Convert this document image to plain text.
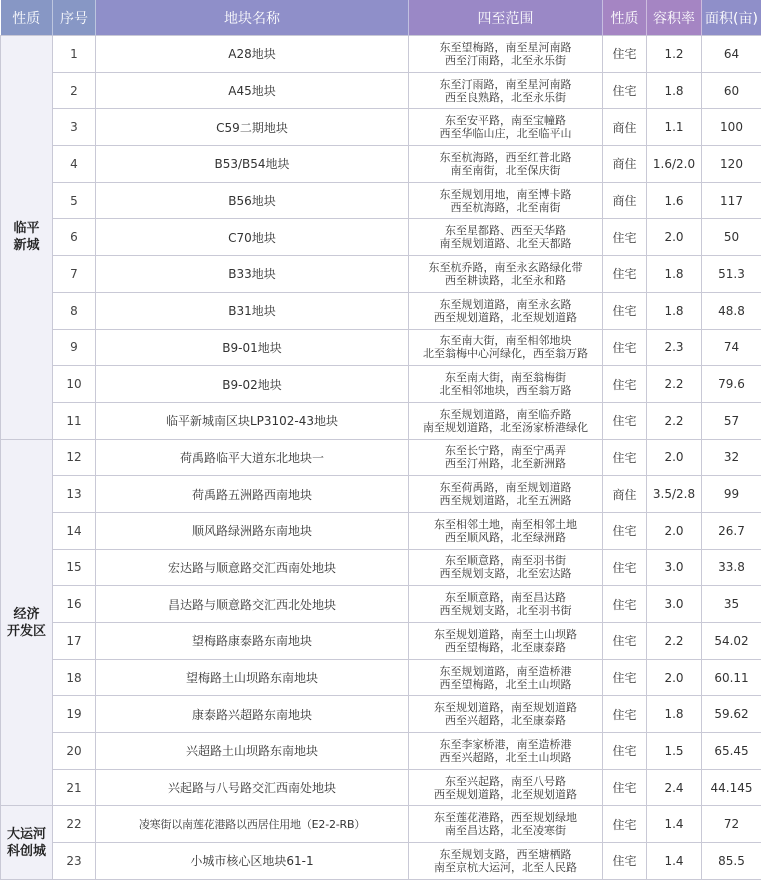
性质	序号	地块名称	四至范围	性质	容积率	面积(亩)
临平
新城	1	A28地块	东至望梅路，南至星河南路
西至汀雨路，北至永乐街	住宅	1.2	64
	2	A45地块	东至汀雨路，南至星河南路
西至良熟路，北至永乐街	住宅	1.8	60
	3	C59二期地块	东至安平路，南至宝幢路
西至华临山庄，北至临平山	商住	1.1	100
	4	B53/B54地块	东至杭海路，西至红普北路
南至南街，北至保庆街	商住	1.6/2.0	120
	5	B56地块	东至规划用地，南至博卡路
西至杭海路，北至南街	商住	1.6	117
	6	C70地块	东至星都路、西至天华路
南至规划道路、北至天都路	住宅	2.0	50
	7	B33地块	东至杭乔路，南至永玄路绿化带
西至耕读路，北至永和路	住宅	1.8	51.3
	8	B31地块	东至规划道路，南至永玄路
西至规划道路，北至规划道路	住宅	1.8	48.8
	9	B9-01地块	东至南大街，南至相邻地块
北至翁梅中心河绿化，西至翁万路	住宅	2.3	74
	10	B9-02地块	东至南大街，南至翁梅街
北至相邻地块，西至翁万路	住宅	2.2	79.6
	11	临平新城南区块LP3102-43地块	东至规划道路，南至临乔路
南至规划道路，北至汤家桥港绿化	住宅	2.2	57
经济
开发区	12	荷禹路临平大道东北地块一	东至长宁路，南至宁禹弄
西至汀州路，北至新洲路	住宅	2.0	32
	13	荷禹路五洲路西南地块	东至荷禹路，南至规划道路
西至规划道路，北至五洲路	商住	3.5/2.8	99
	14	顺风路绿洲路东南地块	东至相邻土地，南至相邻土地
西至顺风路，北至绿洲路	住宅	2.0	26.7
	15	宏达路与顺意路交汇西南处地块	东至顺意路，南至羽书街
西至规划支路，北至宏达路	住宅	3.0	33.8
	16	昌达路与顺意路交汇西北处地块	东至顺意路，南至昌达路
西至规划支路，北至羽书街	住宅	3.0	35
	17	望梅路康泰路东南地块	东至规划道路，南至土山坝路
西至望梅路，北至康泰路	住宅	2.2	54.02
	18	望梅路土山坝路东南地块	东至规划道路，南至造桥港
西至望梅路，北至土山坝路	住宅	2.0	60.11
	19	康泰路兴超路东南地块	东至规划道路，南至规划道路
西至兴超路，北至康泰路	住宅	1.8	59.62
	20	兴超路土山坝路东南地块	东至李家桥港，南至造桥港
西至兴超路，北至土山坝路	住宅	1.5	65.45
	21	兴起路与八号路交汇西南处地块	东至兴起路，南至八号路
西至规划道路，北至规划道路	住宅	2.4	44.145
大运河
科创城	22	凌寒街以南莲花港路以西居住用地（E2-2-RB）	东至莲花港路，西至规划绿地
南至昌达路，北至凌寒街	住宅	1.4	72
	23	小城市核心区地块61-1	东至规划支路，西至塘栖路
南至京杭大运河，北至人民路	住宅	1.4	85.5
